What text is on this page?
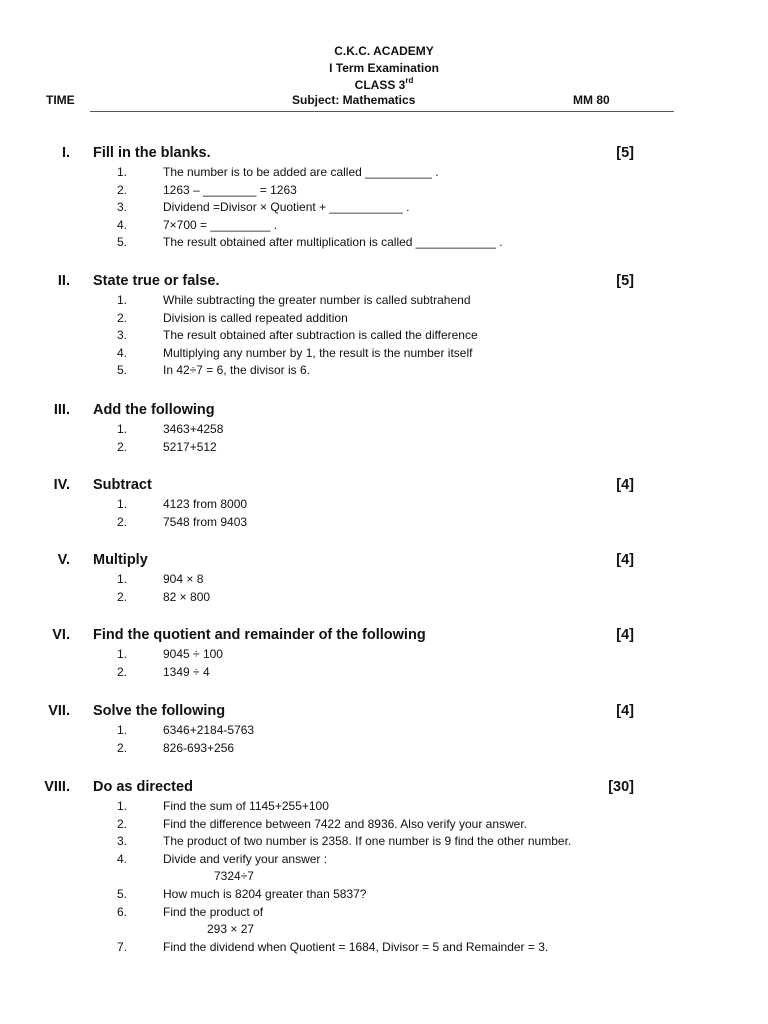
C.K.C. ACADEMY
I Term Examination
CLASS 3rd
TIME	Subject: Mathematics	MM 80
I. Fill in the blanks.	[5]
1.	The number is to be added are called __________ .
2.	1263 – ________ = 1263
3.	Dividend =Divisor × Quotient + ___________ .
4.	7×700 = _________ .
5.	The result obtained after multiplication is called ____________ .
II. State true or false.	[5]
1.	While subtracting the greater number is called subtrahend
2.	Division is called repeated addition
3.	The result obtained after subtraction is called the difference
4.	Multiplying any number by 1, the result is the number itself
5.	In 42÷7 = 6, the divisor is 6.
III. Add the following
1.	3463+4258
2.	5217+512
IV. Subtract	[4]
1.	4123 from 8000
2.	7548 from 9403
V. Multiply	[4]
1.	904 × 8
2.	82 × 800
VI. Find the quotient and remainder of the following	[4]
1.	9045 ÷ 100
2.	1349 ÷ 4
VII. Solve the following	[4]
1.	6346+2184-5763
2.	826-693+256
VIII. Do as directed	[30]
1.	Find the sum of 1145+255+100
2.	Find the difference between 7422 and 8936. Also verify your answer.
3.	The product of two number is 2358. If one number is 9 find the other number.
4.	Divide and verify your answer :
7324÷7
5.	How much is 8204 greater than 5837?
6.	Find the product of
293 × 27
7.	Find the dividend when Quotient = 1684, Divisor = 5 and Remainder = 3.
